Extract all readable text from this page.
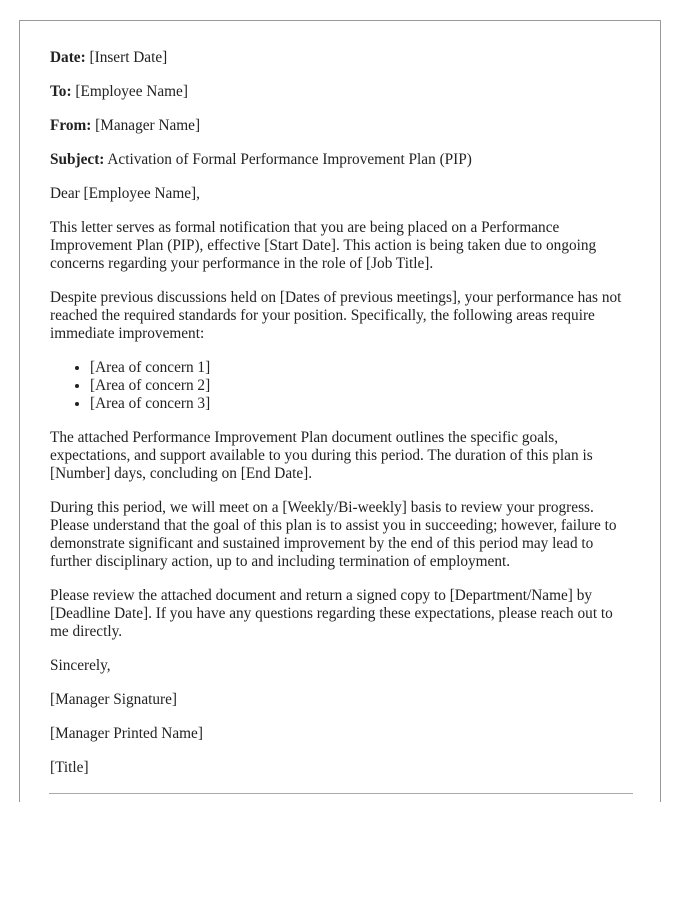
Date: [Insert Date]

To: [Employee Name]

From: [Manager Name]

Subject: Activation of Formal Performance Improvement Plan (PIP)

Dear [Employee Name],

This letter serves as formal notification that you are being placed on a Performance Improvement Plan (PIP), effective [Start Date]. This action is being taken due to ongoing concerns regarding your performance in the role of [Job Title].

Despite previous discussions held on [Dates of previous meetings], your performance has not reached the required standards for your position. Specifically, the following areas require immediate improvement:

• [Area of concern 1]
• [Area of concern 2]
• [Area of concern 3]

The attached Performance Improvement Plan document outlines the specific goals, expectations, and support available to you during this period. The duration of this plan is [Number] days, concluding on [End Date].

During this period, we will meet on a [Weekly/Bi-weekly] basis to review your progress. Please understand that the goal of this plan is to assist you in succeeding; however, failure to demonstrate significant and sustained improvement by the end of this period may lead to further disciplinary action, up to and including termination of employment.

Please review the attached document and return a signed copy to [Department/Name] by [Deadline Date]. If you have any questions regarding these expectations, please reach out to me directly.

Sincerely,

[Manager Signature]

[Manager Printed Name]

[Title]
